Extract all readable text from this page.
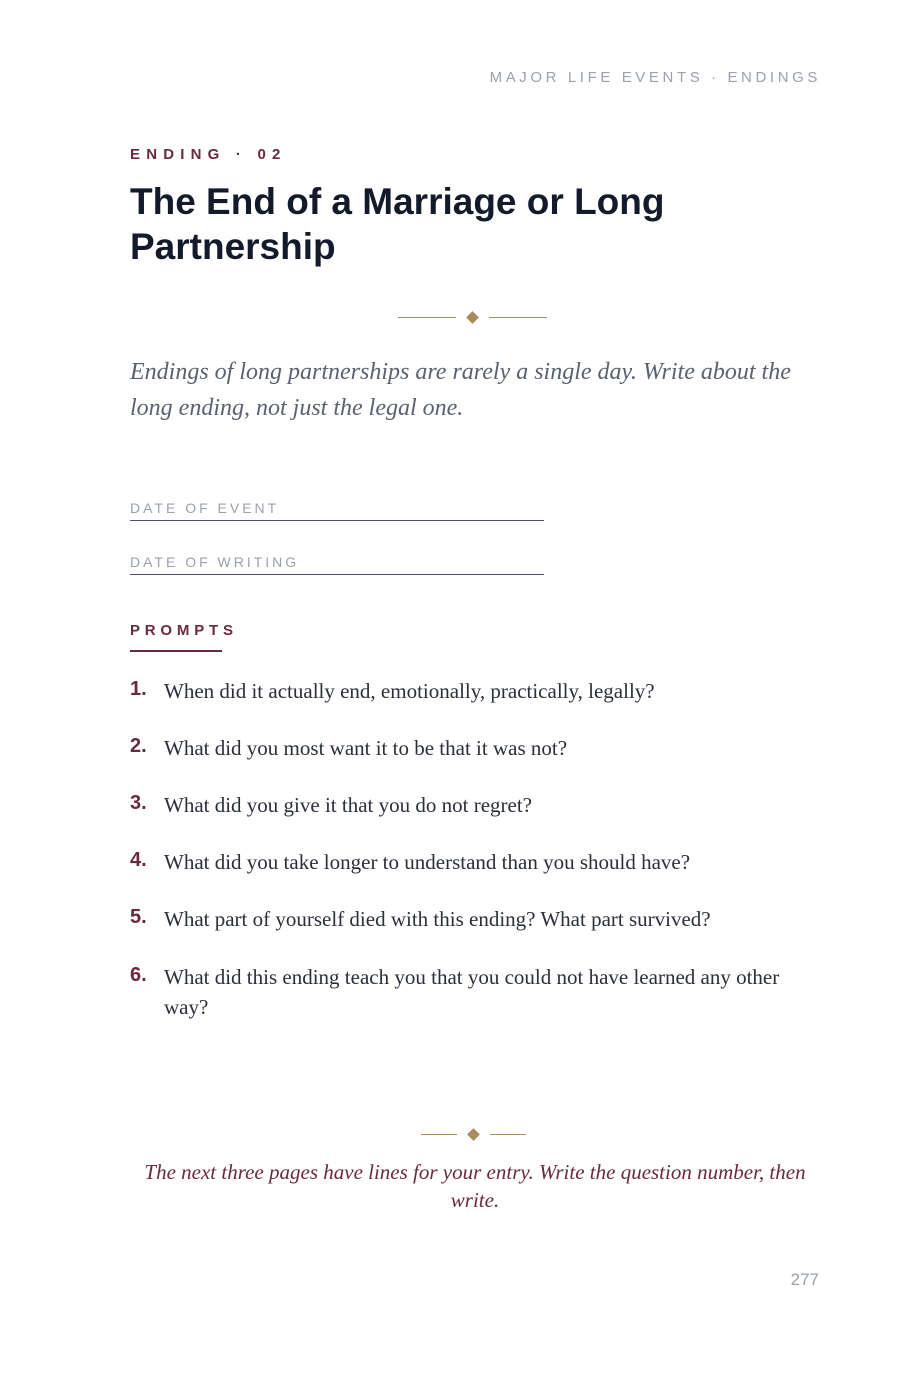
MAJOR LIFE EVENTS · ENDINGS
ENDING · 02
The End of a Marriage or Long Partnership

Endings of long partnerships are rarely a single day. Write about the long ending, not just the legal one.

DATE OF EVENT
DATE OF WRITING
PROMPTS
1. When did it actually end, emotionally, practically, legally?
2. What did you most want it to be that it was not?
3. What did you give it that you do not regret?
4. What did you take longer to understand than you should have?
5. What part of yourself died with this ending? What part survived?
6. What did this ending teach you that you could not have learned any other way?

The next three pages have lines for your entry. Write the question number, then write.

277
